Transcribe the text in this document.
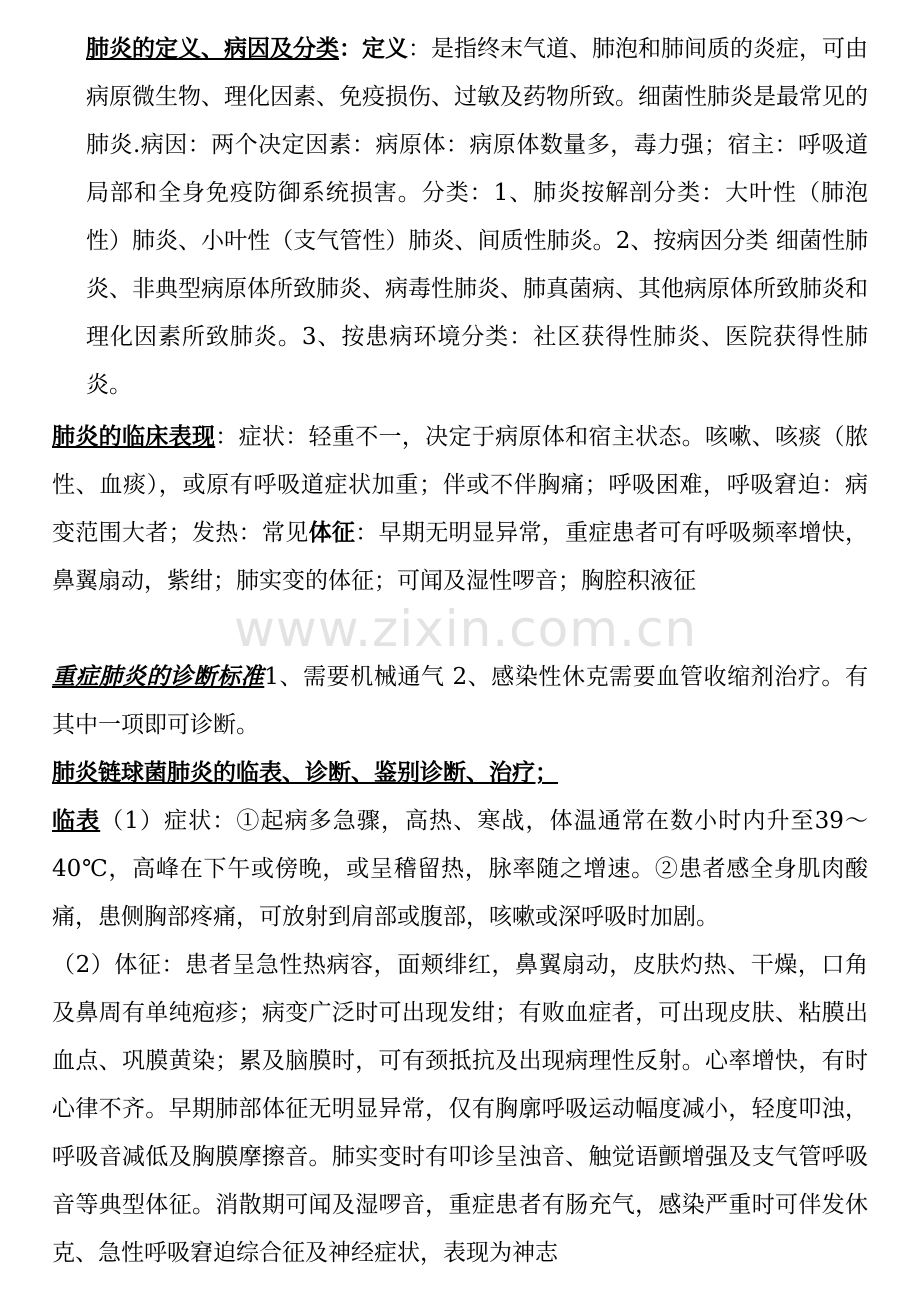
www.zixin.com.cn

肺炎的定义、病因及分类：定义：是指终末气道、肺泡和肺间质的炎症，可由病原微生物、理化因素、免疫损伤、过敏及药物所致。细菌性肺炎是最常见的肺炎.病因：两个决定因素：病原体：病原体数量多，毒力强；宿主：呼吸道局部和全身免疫防御系统损害。分类：1、肺炎按解剖分类：大叶性（肺泡性）肺炎、小叶性（支气管性）肺炎、间质性肺炎。2、按病因分类 细菌性肺炎、非典型病原体所致肺炎、病毒性肺炎、肺真菌病、其他病原体所致肺炎和理化因素所致肺炎。3、按患病环境分类：社区获得性肺炎、医院获得性肺炎。

肺炎的临床表现：症状：轻重不一，决定于病原体和宿主状态。咳嗽、咳痰（脓性、血痰），或原有呼吸道症状加重；伴或不伴胸痛；呼吸困难，呼吸窘迫：病变范围大者；发热：常见体征：早期无明显异常，重症患者可有呼吸频率增快，鼻翼扇动，紫绀；肺实变的体征；可闻及湿性啰音；胸腔积液征

重症肺炎的诊断标准1、需要机械通气 2、感染性休克需要血管收缩剂治疗。有其中一项即可诊断。

肺炎链球菌肺炎的临表、诊断、鉴别诊断、治疗；

临表（1）症状：①起病多急骤，高热、寒战，体温通常在数小时内升至39～40℃，高峰在下午或傍晚，或呈稽留热，脉率随之增速。②患者感全身肌肉酸痛，患侧胸部疼痛，可放射到肩部或腹部，咳嗽或深呼吸时加剧。

（2）体征：患者呈急性热病容，面颊绯红，鼻翼扇动，皮肤灼热、干燥，口角及鼻周有单纯疱疹；病变广泛时可出现发绀；有败血症者，可出现皮肤、粘膜出血点、巩膜黄染；累及脑膜时，可有颈抵抗及出现病理性反射。心率增快，有时心律不齐。早期肺部体征无明显异常，仅有胸廓呼吸运动幅度减小，轻度叩浊，呼吸音减低及胸膜摩擦音。肺实变时有叩诊呈浊音、触觉语颤增强及支气管呼吸音等典型体征。消散期可闻及湿啰音，重症患者有肠充气，感染严重时可伴发休克、急性呼吸窘迫综合征及神经症状，表现为神志
